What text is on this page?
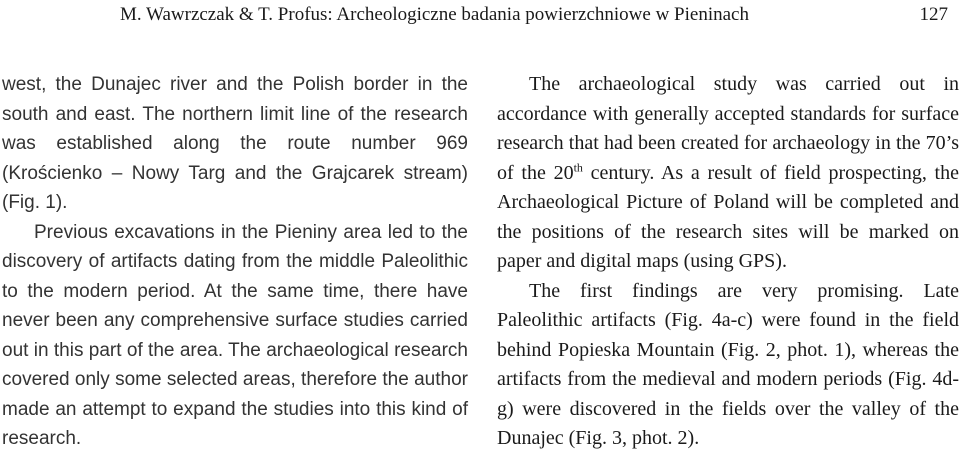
M. Wawrzczak & T. Profus: Archeologiczne badania powierzchniowe w Pieninach	127

west, the Dunajec river and the Polish border in the south and east. The northern limit line of the research was established along the route number 969 (Krościenko – Nowy Targ and the Grajcarek stream) (Fig. 1).

Previous excavations in the Pieniny area led to the discovery of artifacts dating from the middle Paleolithic to the modern period. At the same time, there have never been any comprehensive surface studies carried out in this part of the area. The archaeological research covered only some selected areas, therefore the author made an attempt to expand the studies into this kind of research.

The archaeological study was carried out in accordance with generally accepted standards for surface research that had been created for archaeology in the 70’s of the 20th century. As a result of field prospecting, the Archaeological Picture of Poland will be completed and the positions of the research sites will be marked on paper and digital maps (using GPS).

The first findings are very promising. Late Paleolithic artifacts (Fig. 4a-c) were found in the field behind Popieska Mountain (Fig. 2, phot. 1), whereas the artifacts from the medieval and modern periods (Fig. 4d-g) were discovered in the fields over the valley of the Dunajec (Fig. 3, phot. 2).
